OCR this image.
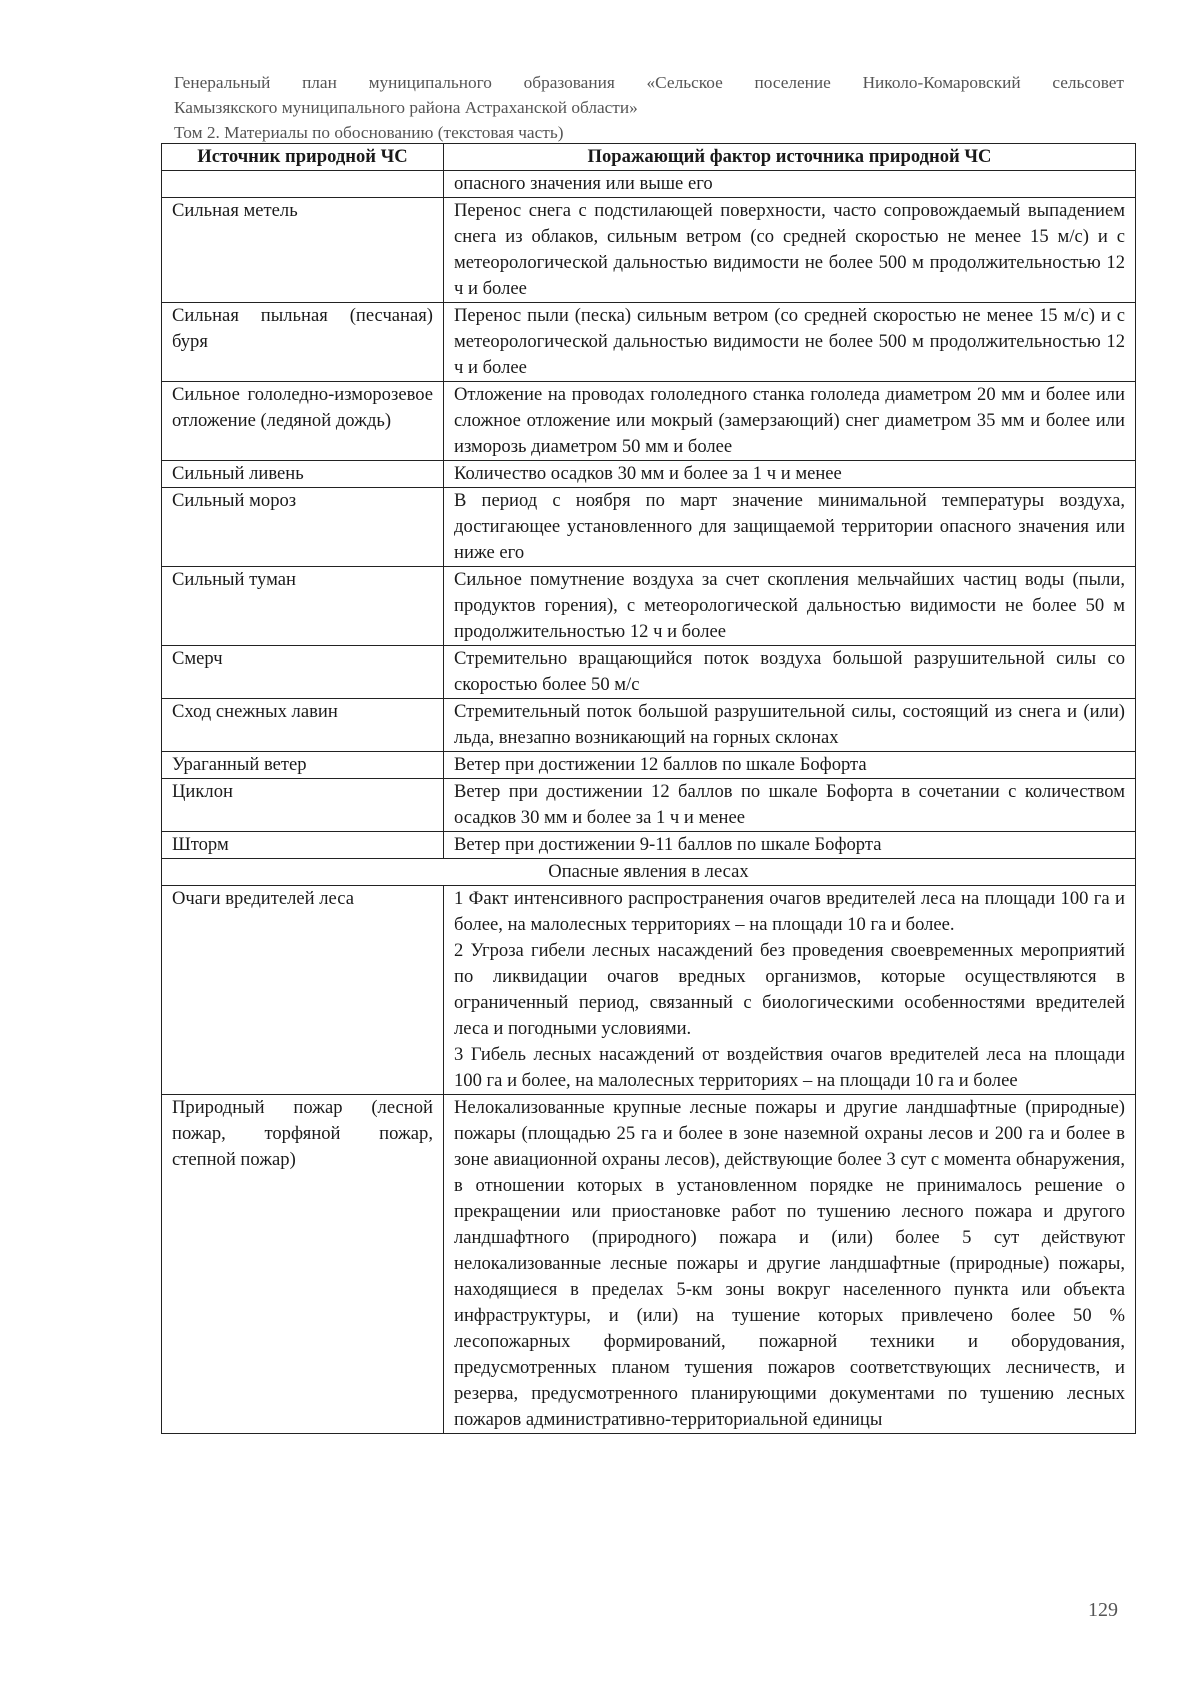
Генеральный план муниципального образования «Сельское поселение Николо-Комаровский сельсовет
Камызякского муниципального района Астраханской области»
Том 2. Материалы по обоснованию (текстовая часть)
Источник природной ЧС	Поражающий фактор источника природной ЧС
	опасного значения или выше его
Сильная метель	Перенос снега с подстилающей поверхности, часто сопровождаемый выпадением снега из облаков, сильным ветром (со средней скоростью не менее 15 м/с) и с метеорологической дальностью видимости не более 500 м продолжительностью 12 ч и более
Сильная пыльная (песчаная) буря	Перенос пыли (песка) сильным ветром (со средней скоростью не менее 15 м/с) и с метеорологической дальностью видимости не более 500 м продолжительностью 12 ч и более
Сильное гололедно-изморозевое отложение (ледяной дождь)	Отложение на проводах гололедного станка гололеда диаметром 20 мм и более или сложное отложение или мокрый (замерзающий) снег диаметром 35 мм и более или изморозь диаметром 50 мм и более
Сильный ливень	Количество осадков 30 мм и более за 1 ч и менее
Сильный мороз	В период с ноября по март значение минимальной температуры воздуха, достигающее установленного для защищаемой территории опасного значения или ниже его
Сильный туман	Сильное помутнение воздуха за счет скопления мельчайших частиц воды (пыли, продуктов горения), с метеорологической дальностью видимости не более 50 м продолжительностью 12 ч и более
Смерч	Стремительно вращающийся поток воздуха большой разрушительной силы со скоростью более 50 м/с
Сход снежных лавин	Стремительный поток большой разрушительной силы, состоящий из снега и (или) льда, внезапно возникающий на горных склонах
Ураганный ветер	Ветер при достижении 12 баллов по шкале Бофорта
Циклон	Ветер при достижении 12 баллов по шкале Бофорта в сочетании с количеством осадков 30 мм и более за 1 ч и менее
Шторм	Ветер при достижении 9-11 баллов по шкале Бофорта
Опасные явления в лесах	
Очаги вредителей леса	1 Факт интенсивного распространения очагов вредителей леса на площади 100 га и более, на малолесных территориях – на площади 10 га и более.
2 Угроза гибели лесных насаждений без проведения своевременных мероприятий по ликвидации очагов вредных организмов, которые осуществляются в ограниченный период, связанный с биологическими особенностями вредителей леса и погодными условиями.
3 Гибель лесных насаждений от воздействия очагов вредителей леса на площади 100 га и более, на малолесных территориях – на площади 10 га и более

Природный пожар (лесной пожар, торфяной пожар, степной пожар)	Нелокализованные крупные лесные пожары и другие ландшафтные (природные) пожары (площадью 25 га и более в зоне наземной охраны лесов и 200 га и более в зоне авиационной охраны лесов), действующие более 3 сут с момента обнаружения, в отношении которых в установленном порядке не принималось решение о прекращении или приостановке работ по тушению лесного пожара и другого ландшафтного (природного) пожара и (или) более 5 сут действуют нелокализованные лесные пожары и другие ландшафтные (природные) пожары, находящиеся в пределах 5-км зоны вокруг населенного пункта или объекта инфраструктуры, и (или) на тушение которых привлечено более 50 % лесопожарных формирований, пожарной техники и оборудования, предусмотренных планом тушения пожаров соответствующих лесничеств, и резерва, предусмотренного планирующими документами по тушению лесных пожаров административно-территориальной единицы
129
